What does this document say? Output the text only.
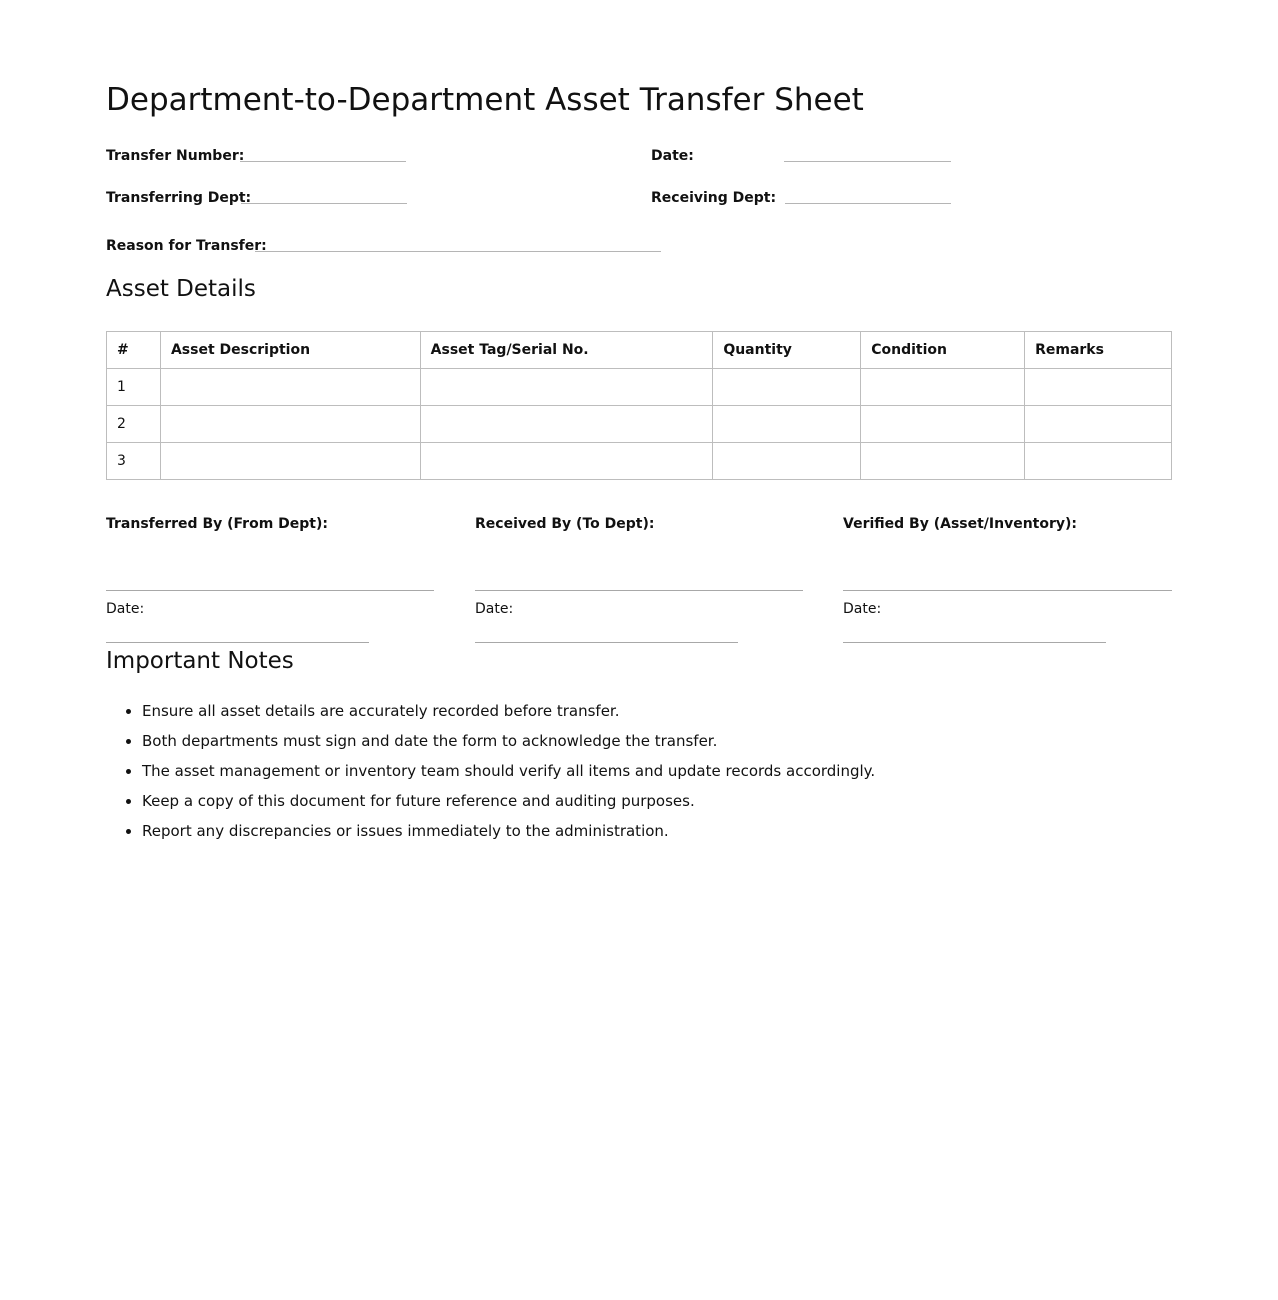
Department-to-Department Asset Transfer Sheet
Transfer Number:	Date:
Transferring Dept:	Receiving Dept:
Reason for Transfer:
Asset Details
#	Asset Description	Asset Tag/Serial No.	Quantity	Condition	Remarks
1					
2					
3					
Transferred By (From Dept):
Date:
Received By (To Dept):
Date:
Verified By (Asset/Inventory):
Date:
Important Notes
• Ensure all asset details are accurately recorded before transfer.
• Both departments must sign and date the form to acknowledge the transfer.
• The asset management or inventory team should verify all items and update records accordingly.
• Keep a copy of this document for future reference and auditing purposes.
• Report any discrepancies or issues immediately to the administration.
